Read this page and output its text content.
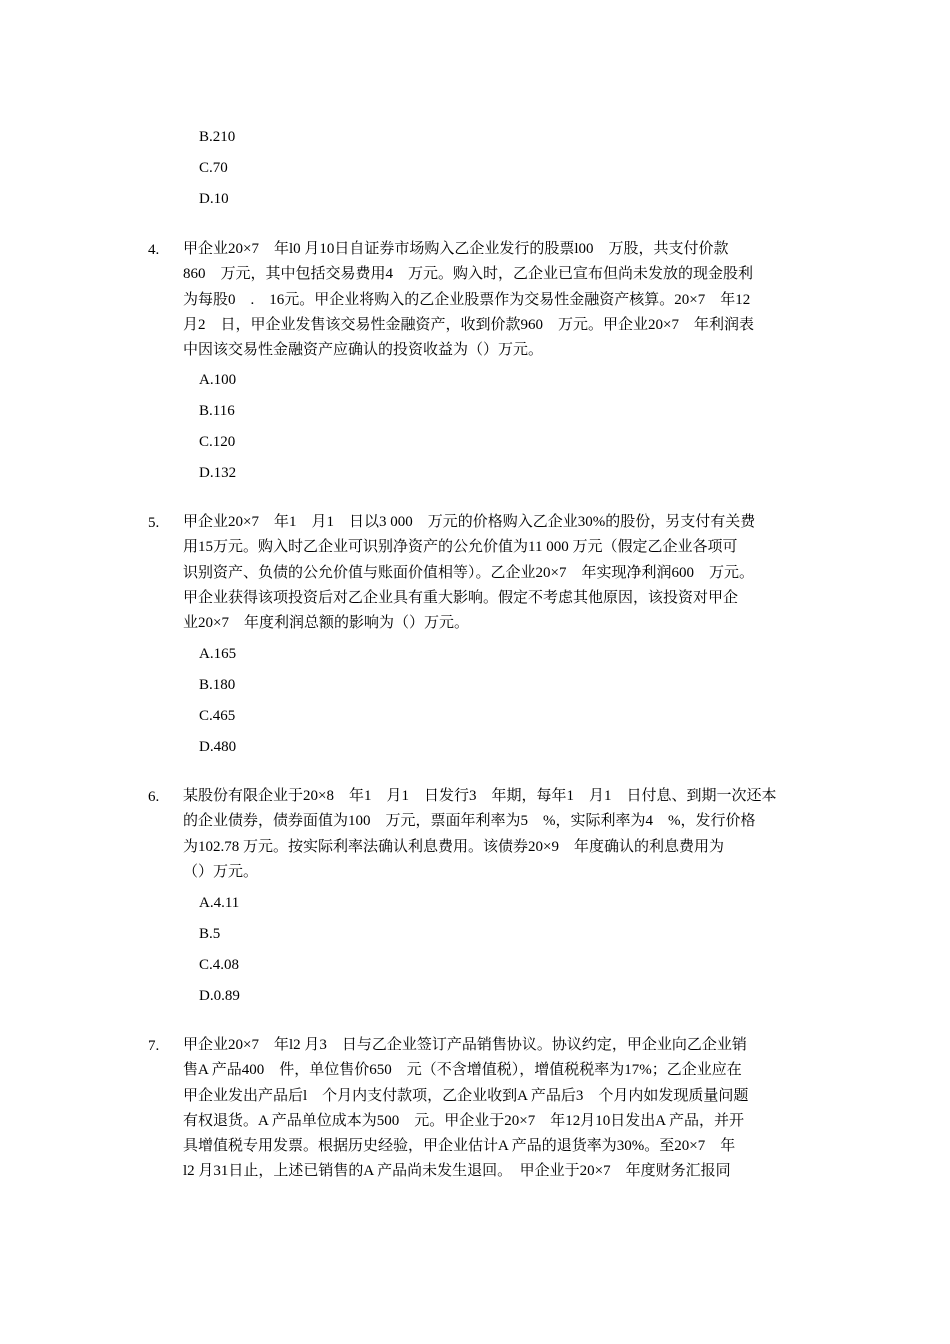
B.210
C.70
D.10
4. 甲企业20×7　年l0 月10日自证券市场购入乙企业发行的股票l00　万股，共支付价款
860　万元，其中包括交易费用4　万元。购入时，乙企业已宣布但尚未发放的现金股利
为每股0　.　16元。甲企业将购入的乙企业股票作为交易性金融资产核算。20×7　年12
月2　日，甲企业发售该交易性金融资产，收到价款960　万元。甲企业20×7　年利润表
中因该交易性金融资产应确认的投资收益为（）万元。
A.100
B.116
C.120
D.132
5. 甲企业20×7　年1　月1　日以3 000　万元的价格购入乙企业30%的股份，另支付有关费
用15万元。购入时乙企业可识别净资产的公允价值为11 000 万元（假定乙企业各项可
识别资产、负债的公允价值与账面价值相等）。乙企业20×7　年实现净利润600　万元。
甲企业获得该项投资后对乙企业具有重大影响。假定不考虑其他原因，该投资对甲企
业20×7　年度利润总额的影响为（）万元。
A.165
B.180
C.465
D.480
6. 某股份有限企业于20×8　年1　月1　日发行3　年期，每年1　月1　日付息、到期一次还本
的企业债券，债券面值为100　万元，票面年利率为5　%，实际利率为4　%，发行价格
为102.78 万元。按实际利率法确认利息费用。该债券20×9　年度确认的利息费用为
（）万元。
A.4.11
B.5
C.4.08
D.0.89
7. 甲企业20×7　年l2 月3　日与乙企业签订产品销售协议。协议约定，甲企业向乙企业销
售A 产品400　件，单位售价650　元（不含增值税），增值税税率为17%；乙企业应在
甲企业发出产品后l　个月内支付款项，乙企业收到A 产品后3　个月内如发现质量问题
有权退货。A 产品单位成本为500　元。甲企业于20×7　年12月10日发出A 产品，并开
具增值税专用发票。根据历史经验，甲企业估计A 产品的退货率为30%。至20×7　年
l2 月31日止，上述已销售的A 产品尚未发生退回。　甲企业于20×7　年度财务汇报同
